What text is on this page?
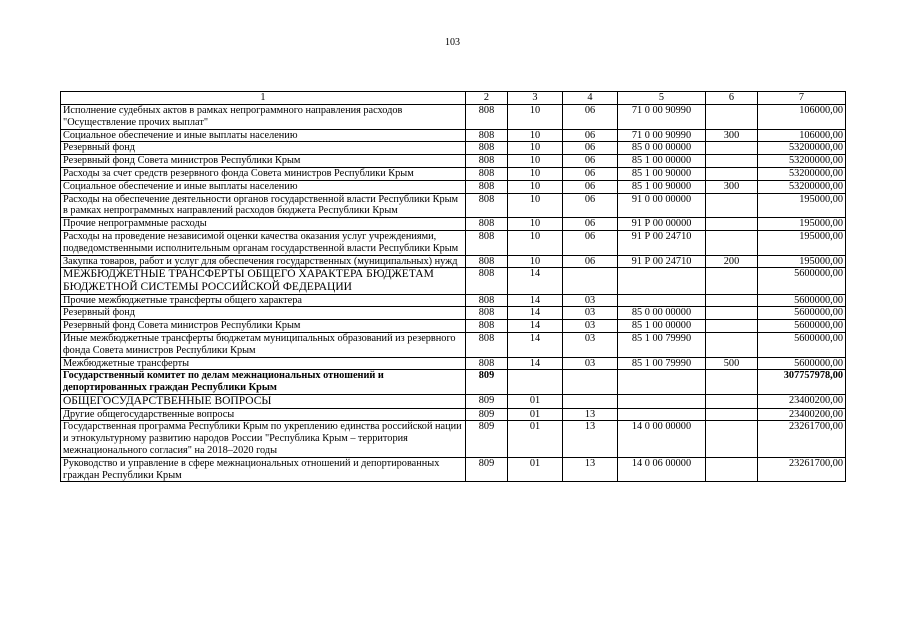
103
1	2	3	4	5	6	7
Исполнение судебных актов в рамках непрограммного направления расходов "Осуществление прочих выплат"	808	10	06	71 0 00 90990		106000,00
Социальное обеспечение и иные выплаты населению	808	10	06	71 0 00 90990	300	106000,00
Резервный фонд	808	10	06	85 0 00 00000		53200000,00
Резервный фонд Совета министров Республики Крым	808	10	06	85 1 00 00000		53200000,00
Расходы за счет средств резервного фонда Совета министров Республики Крым	808	10	06	85 1 00 90000		53200000,00
Социальное обеспечение и иные выплаты населению	808	10	06	85 1 00 90000	300	53200000,00
Расходы на обеспечение деятельности органов государственной власти Республики Крым в рамках непрограммных направлений расходов бюджета Республики Крым	808	10	06	91 0 00 00000		195000,00
Прочие непрограммные расходы	808	10	06	91 Р 00 00000		195000,00
Расходы на проведение независимой оценки качества оказания услуг учреждениями, подведомственными исполнительным органам государственной власти Республики Крым	808	10	06	91 Р 00 24710		195000,00
Закупка товаров, работ и услуг для обеспечения государственных (муниципальных) нужд	808	10	06	91 Р 00 24710	200	195000,00
МЕЖБЮДЖЕТНЫЕ ТРАНСФЕРТЫ ОБЩЕГО ХАРАКТЕРА БЮДЖЕТАМ БЮДЖЕТНОЙ СИСТЕМЫ РОССИЙСКОЙ ФЕДЕРАЦИИ	808	14				5600000,00
Прочие межбюджетные трансферты общего характера	808	14	03			5600000,00
Резервный фонд	808	14	03	85 0 00 00000		5600000,00
Резервный фонд Совета министров Республики Крым	808	14	03	85 1 00 00000		5600000,00
Иные межбюджетные трансферты бюджетам муниципальных образований из резервного фонда Совета министров Республики Крым	808	14	03	85 1 00 79990		5600000,00
Межбюджетные трансферты	808	14	03	85 1 00 79990	500	5600000,00
Государственный комитет по делам межнациональных отношений и депортированных граждан Республики Крым	809					307757978,00
ОБЩЕГОСУДАРСТВЕННЫЕ ВОПРОСЫ	809	01				23400200,00
Другие общегосударственные вопросы	809	01	13			23400200,00
Государственная программа Республики Крым по укреплению единства российской нации и этнокультурному развитию народов России "Республика Крым – территория межнационального согласия" на 2018–2020 годы	809	01	13	14 0 00 00000		23261700,00
Руководство и управление в сфере межнациональных отношений и депортированных граждан Республики Крым	809	01	13	14 0 06 00000		23261700,00
